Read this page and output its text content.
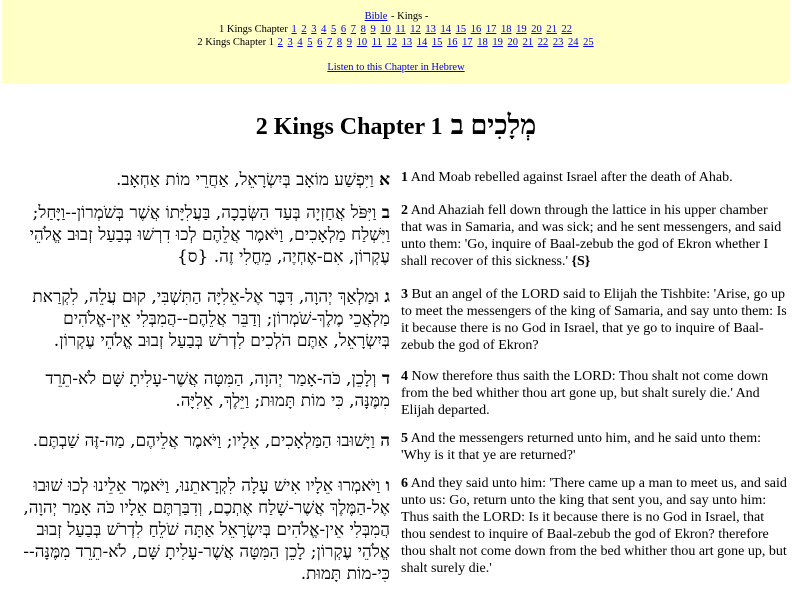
Bible - Kings -
1 Kings Chapter 1 2 3 4 5 6 7 8 9 10 11 12 13 14 15 16 17 18 19 20 21 22
2 Kings Chapter 1 2 3 4 5 6 7 8 9 10 11 12 13 14 15 16 17 18 19 20 21 22 23 24 25
Listen to this Chapter in Hebrew
2 Kings Chapter 1 מְלָכִים ב
א וַיִּפְשַׁע מוֹאָב בְּיִשְׂרָאֵל, אַחֲרֵי מוֹת אַחְאָב.	1 And Moab rebelled against Israel after the death of Ahab.
ב וַיִּפֹּל אֲחַזְיָה בְּעַד הַשְּׂבָכָה, בַּעֲלִיָּתוֹ אֲשֶׁר בְּשֹׁמְרוֹן--וַיָּחַל; וַיִּשְׁלַח מַלְאָכִים, וַיֹּאמֶר אֲלֵהֶם לְכוּ דִרְשׁוּ בְּבַעַל זְבוּב אֱלֹהֵי עֶקְרוֹן, אִם-אֶחְיֶה, מֵחֳלִי זֶה. {ס}
2 And Ahaziah fell down through the lattice in his upper chamber that was in Samaria, and was sick; and he sent messengers, and said unto them: 'Go, inquire of Baal-zebub the god of Ekron whether I shall recover of this sickness.' {S}
ג וּמַלְאַךְ יְהוָה, דִּבֶּר אֶל-אֵלִיָּה הַתִּשְׁבִּי, קוּם עֲלֵה, לִקְרַאת מַלְאֲכֵי מֶלֶךְ-שֹׁמְרוֹן; וְדַבֵּר אֲלֵהֶם--הֲמִבְּלִי אֵין-אֱלֹהִים בְּיִשְׂרָאֵל, אַתֶּם הֹלְכִים לִדְרֹשׁ בְּבַעַל זְבוּב אֱלֹהֵי עֶקְרוֹן.
3 But an angel of the LORD said to Elijah the Tishbite: 'Arise, go up to meet the messengers of the king of Samaria, and say unto them: Is it because there is no God in Israel, that ye go to inquire of Baal-zebub the god of Ekron?
ד וְלָכֵן, כֹּה-אָמַר יְהוָה, הַמִּטָּה אֲשֶׁר-עָלִיתָ שָּׁם לֹא-תֵרֵד מִמֶּנָּה, כִּי מוֹת תָּמוּת; וַיֵּלֶךְ, אֵלִיָּה.
4 Now therefore thus saith the LORD: Thou shalt not come down from the bed whither thou art gone up, but shalt surely die.' And Elijah departed.
ה וַיָּשׁוּבוּ הַמַּלְאָכִים, אֵלָיו; וַיֹּאמֶר אֲלֵיהֶם, מַה-זֶּה שַׁבְתֶּם.	5 And the messengers returned unto him, and he said unto them: 'Why is it that ye are returned?'
ו וַיֹּאמְרוּ אֵלָיו אִישׁ עָלָה לִקְרָאתֵנוּ, וַיֹּאמֶר אֵלֵינוּ לְכוּ שׁוּבוּ אֶל-הַמֶּלֶךְ אֲשֶׁר-שָׁלַח אֶתְכֶם, וְדִבַּרְתֶּם אֵלָיו כֹּה אָמַר יְהוָה, הֲמִבְּלִי אֵין-אֱלֹהִים בְּיִשְׂרָאֵל אַתָּה שֹׁלֵחַ לִדְרֹשׁ בְּבַעַל זְבוּב אֱלֹהֵי עֶקְרוֹן; לָכֵן הַמִּטָּה אֲשֶׁר-עָלִיתָ שָּׁם, לֹא-תֵרֵד מִמֶּנָּה--כִּי-מוֹת תָּמוּת.
6 And they said unto him: 'There came up a man to meet us, and said unto us: Go, return unto the king that sent you, and say unto him: Thus saith the LORD: Is it because there is no God in Israel, that thou sendest to inquire of Baal-zebub the god of Ekron? therefore thou shalt not come down from the bed whither thou art gone up, but shalt surely die.'
